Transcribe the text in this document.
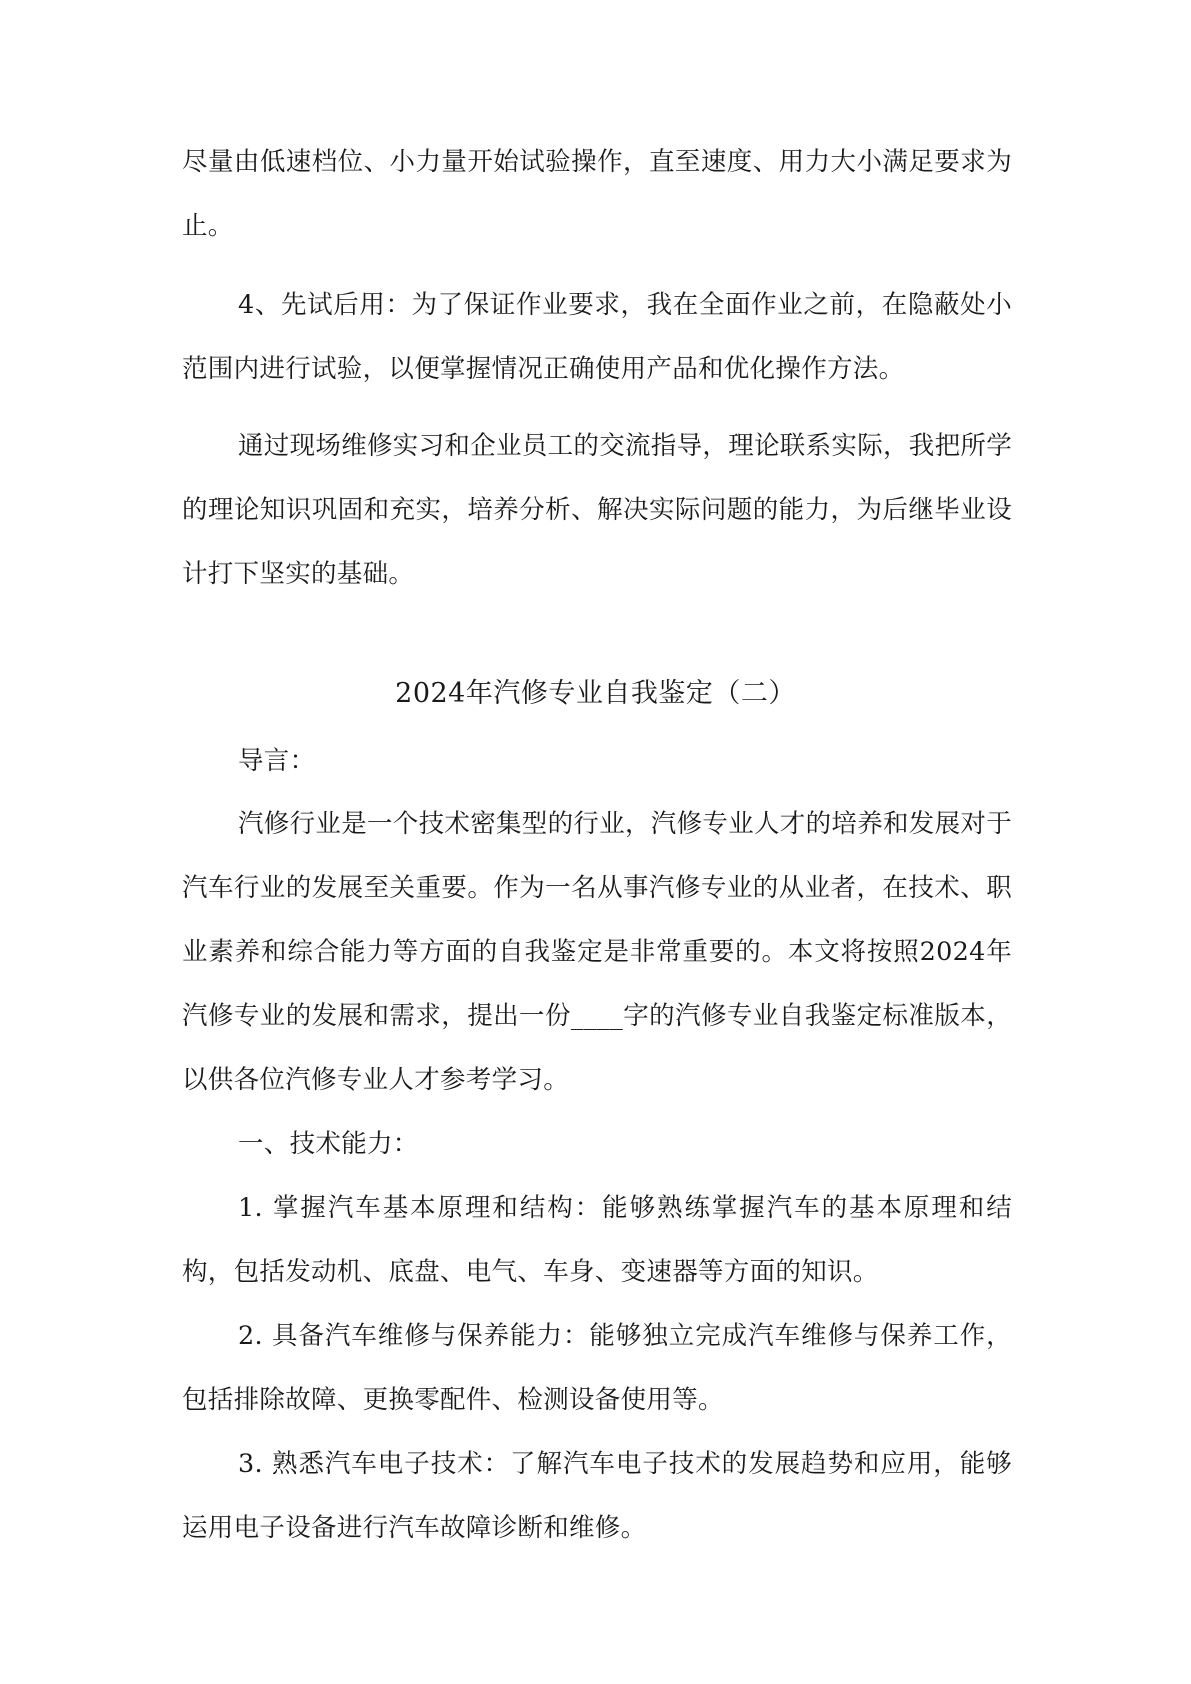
尽量由低速档位、小力量开始试验操作，直至速度、用力大小满足要求为止。

4、先试后用：为了保证作业要求，我在全面作业之前，在隐蔽处小范围内进行试验，以便掌握情况正确使用产品和优化操作方法。

通过现场维修实习和企业员工的交流指导，理论联系实际，我把所学的理论知识巩固和充实，培养分析、解决实际问题的能力，为后继毕业设计打下坚实的基础。

2024年汽修专业自我鉴定（二）

导言：

汽修行业是一个技术密集型的行业，汽修专业人才的培养和发展对于汽车行业的发展至关重要。作为一名从事汽修专业的从业者，在技术、职业素养和综合能力等方面的自我鉴定是非常重要的。本文将按照2024年汽修专业的发展和需求，提出一份____字的汽修专业自我鉴定标准版本，以供各位汽修专业人才参考学习。

一、技术能力：

1. 掌握汽车基本原理和结构：能够熟练掌握汽车的基本原理和结构，包括发动机、底盘、电气、车身、变速器等方面的知识。

2. 具备汽车维修与保养能力：能够独立完成汽车维修与保养工作，包括排除故障、更换零配件、检测设备使用等。

3. 熟悉汽车电子技术：了解汽车电子技术的发展趋势和应用，能够运用电子设备进行汽车故障诊断和维修。
